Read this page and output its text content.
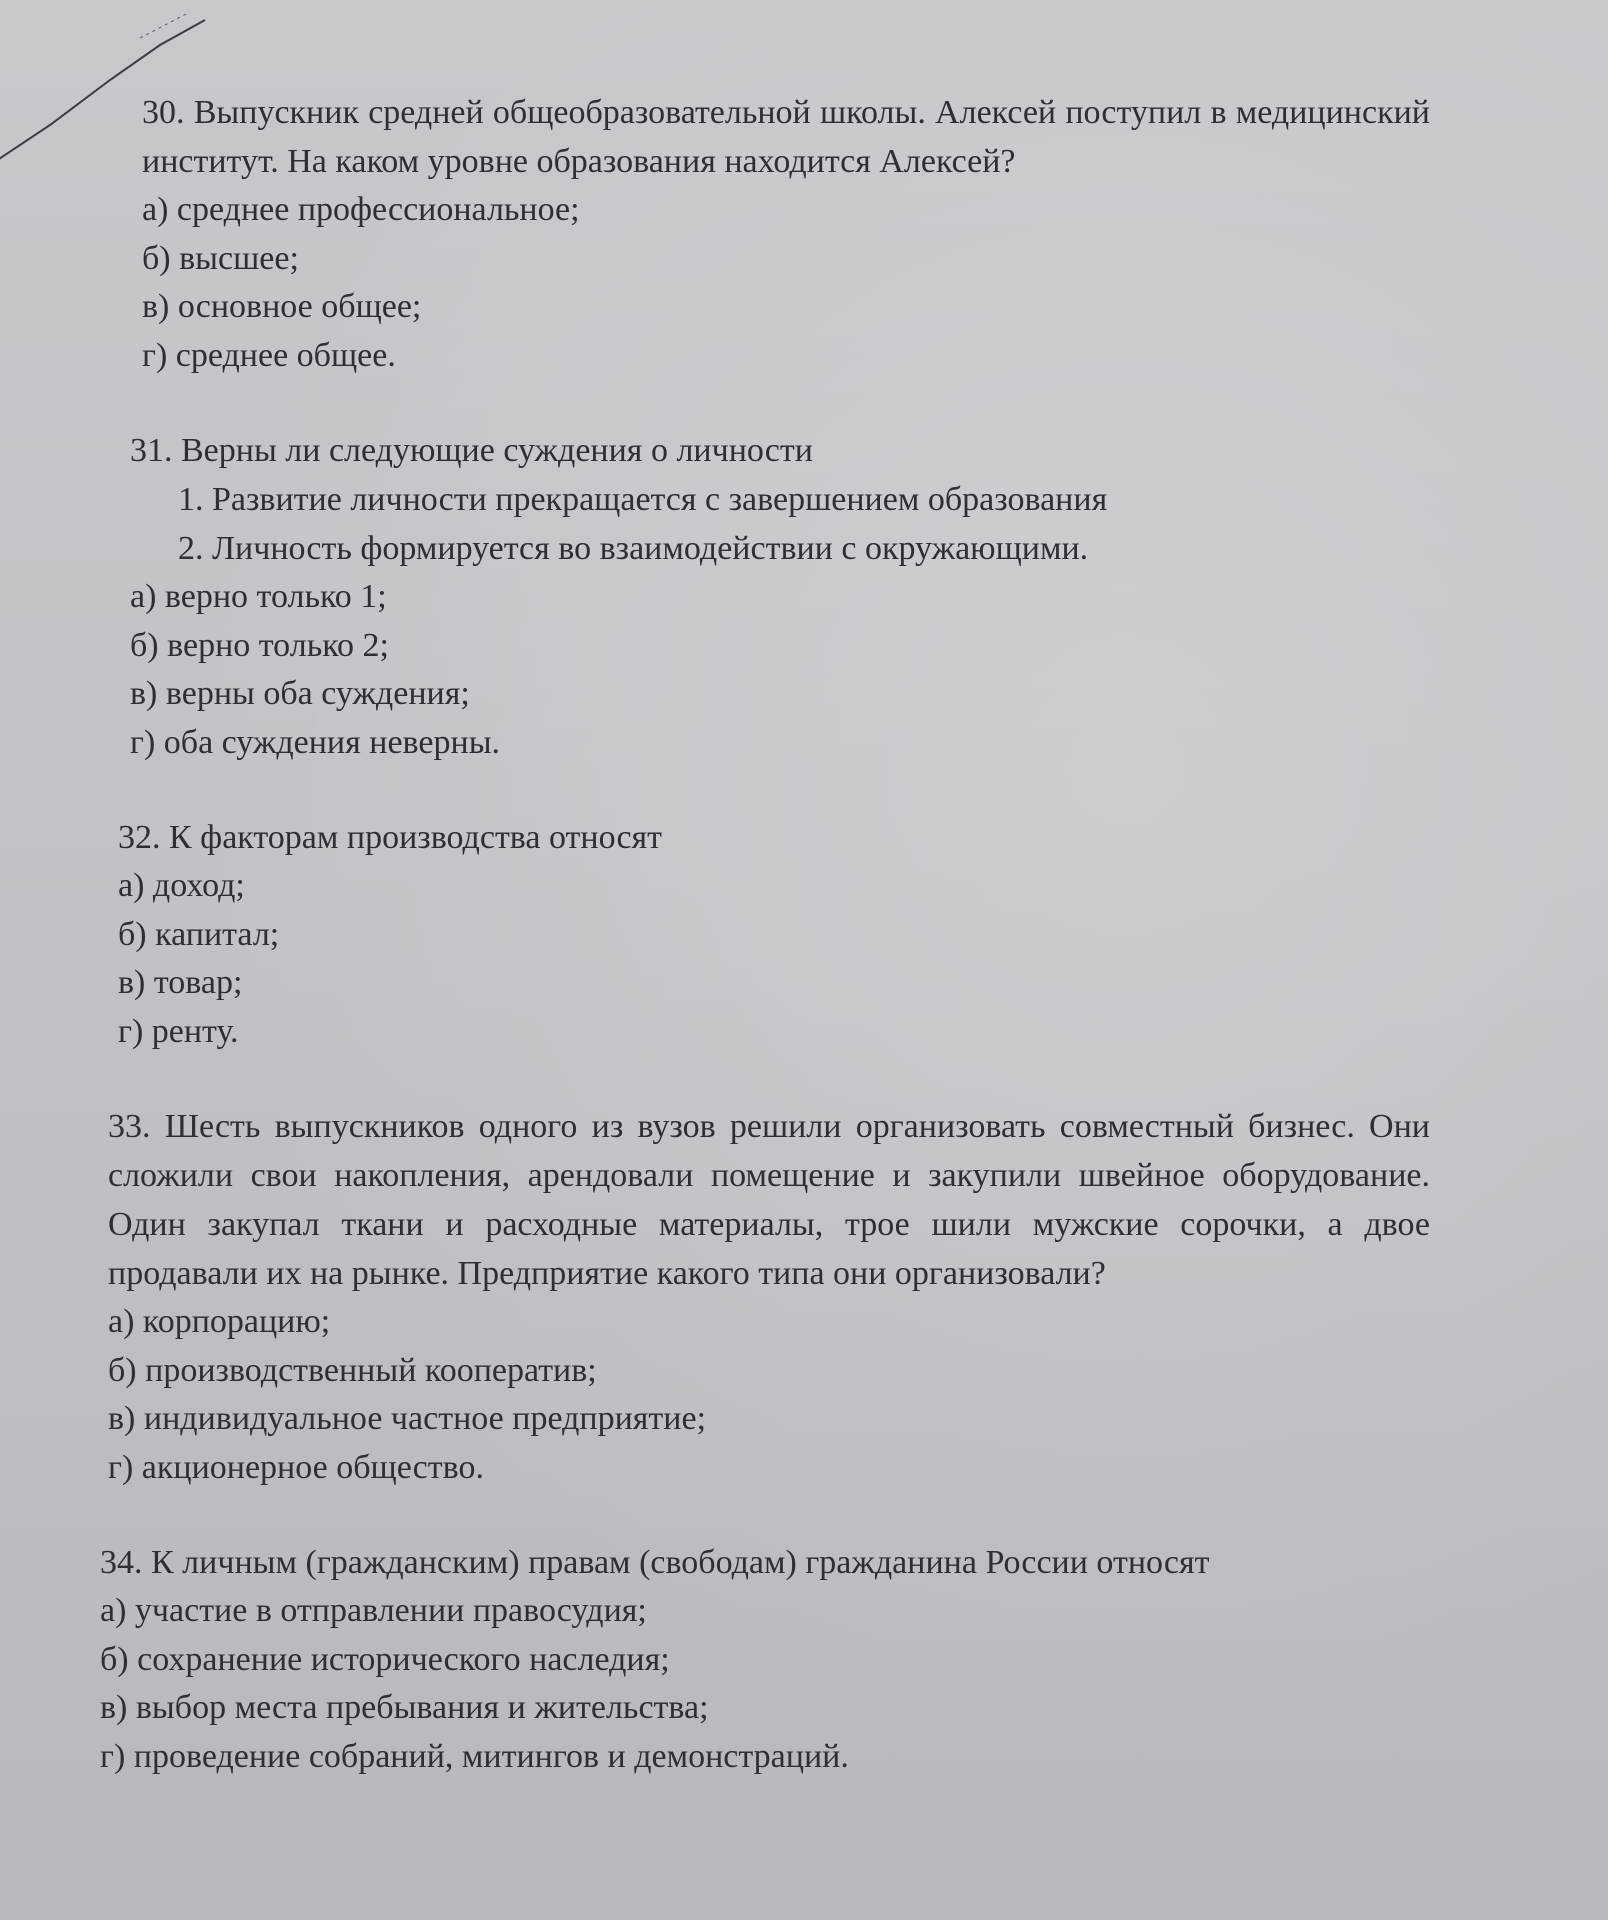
30. Выпускник средней общеобразовательной школы. Алексей поступил в медицинский институт. На каком уровне образования находится Алексей?

а) среднее профессиональное;

б) высшее;

в) основное общее;

г) среднее общее.

31. Верны ли следующие суждения о личности

1. Развитие личности прекращается с завершением образования

2. Личность формируется во взаимодействии с окружающими.

а) верно только 1;

б) верно только 2;

в) верны оба суждения;

г) оба суждения неверны.

32. К факторам производства относят

а) доход;

б) капитал;

в) товар;

г) ренту.

33. Шесть выпускников одного из вузов решили организовать совместный бизнес. Они сложили свои накопления, арендовали помещение и закупили швейное оборудование. Один закупал ткани и расходные материалы, трое шили мужские сорочки, а двое продавали их на рынке. Предприятие какого типа они организовали?

а) корпорацию;

б) производственный кооператив;

в) индивидуальное частное предприятие;

г) акционерное общество.

34. К личным (гражданским) правам (свободам) гражданина России относят

а) участие в отправлении правосудия;

б) сохранение исторического наследия;

в) выбор места пребывания и жительства;

г) проведение собраний, митингов и демонстраций.
